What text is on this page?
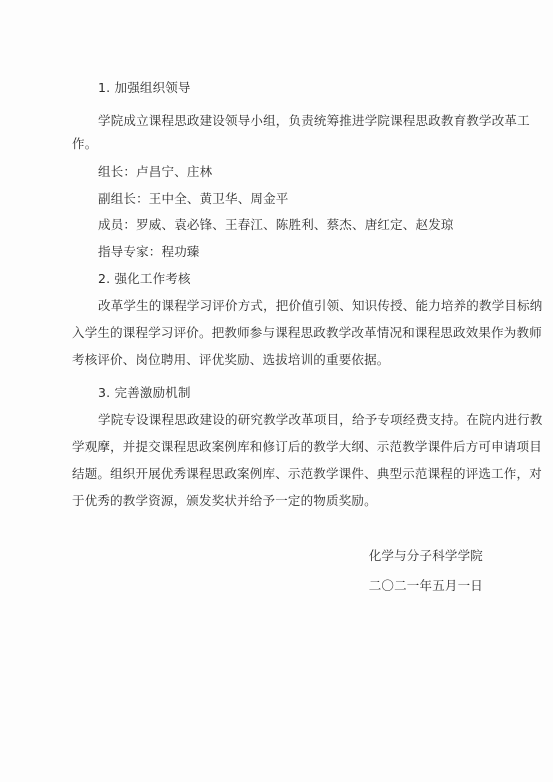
1. 加强组织领导
学院成立课程思政建设领导小组，负责统筹推进学院课程思政教育教学改革工
作。
组长：卢昌宁、庄林
副组长：王中全、黄卫华、周金平
成员：罗威、袁必锋、王春江、陈胜利、蔡杰、唐红定、赵发琼
指导专家：程功臻
2. 强化工作考核
改革学生的课程学习评价方式，把价值引领、知识传授、能力培养的教学目标纳
入学生的课程学习评价。把教师参与课程思政教学改革情况和课程思政效果作为教师
考核评价、岗位聘用、评优奖励、选拔培训的重要依据。
3. 完善激励机制
学院专设课程思政建设的研究教学改革项目，给予专项经费支持。在院内进行教
学观摩，并提交课程思政案例库和修订后的教学大纲、示范教学课件后方可申请项目
结题。组织开展优秀课程思政案例库、示范教学课件、典型示范课程的评选工作，对
于优秀的教学资源，颁发奖状并给予一定的物质奖励。
化学与分子科学学院
二〇二一年五月一日
